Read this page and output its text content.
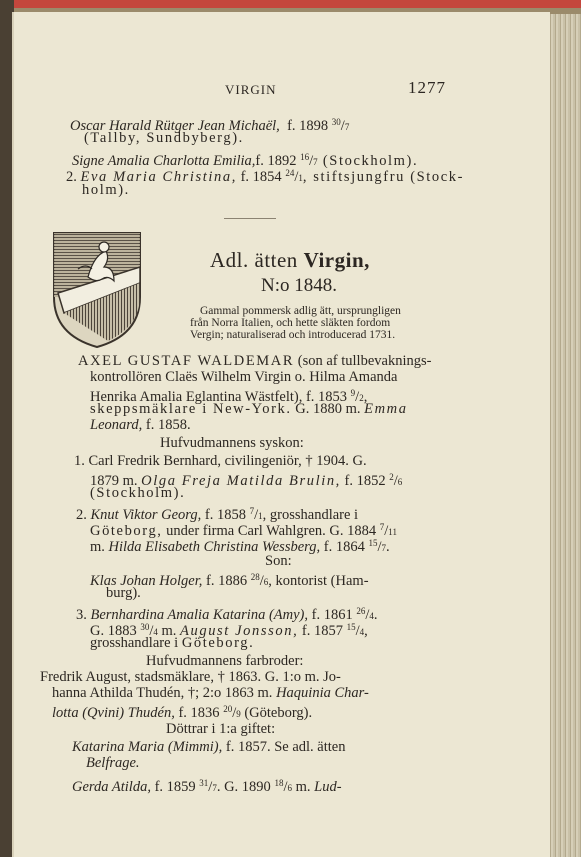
VIRGIN	1277
Oscar Harald Rütger Jean Michaël, f. 1898 $^{30}$/7
(Tallby, Sundbyberg).
Signe Amalia Charlotta Emilia,f. 1892 $^{16}$/7 (Stockholm).
2. Eva Maria Christina, f. 1854 $^{24}$/1, stiftsjungfru (Stock-
holm).
Adl. ätten Virgin,
N:o 1848.
Gammal pommersk adlig ätt, ursprungligen
från Norra Italien, och hette släkten fordom
Vergin; naturaliserad och introducerad 1731.
AXEL GUSTAF WALDEMAR (son af tullbevaknings-
kontrollören Claës Wilhelm Virgin o. Hilma Amanda
Henrika Amalia Eglantina Wästfelt), f. 1853 $^9$/2,
skeppsmäklare i New-York. G. 1880 m. Emma
Leonard, f. 1858.
Hufvudmannens syskon:
1. Carl Fredrik Bernhard, civilingeniör, † 1904. G.
1879 m. Olga Freja Matilda Brulin, f. 1852 $^2$/6
(Stockholm).
2. Knut Viktor Georg, f. 1858 $^7$/1, grosshandlare i
Göteborg, under firma Carl Wahlgren. G. 1884 $^7$/11
m. Hilda Elisabeth Christina Wessberg, f. 1864 $^{15}$/7.
Son:
Klas Johan Holger, f. 1886 $^{28}$/6, kontorist (Ham-
burg).
3. Bernhardina Amalia Katarina (Amy), f. 1861 $^{26}$/4.
G. 1883 $^{30}$/4 m. August Jonsson, f. 1857 $^{15}$/4,
grosshandlare i Göteborg.
Hufvudmannens farbroder:
Fredrik August, stadsmäklare, † 1863. G. 1:o m. Jo-
hanna Athilda Thudén, †; 2:o 1863 m. Haquinia Char-
lotta (Qvini) Thudén, f. 1836 $^{20}$/9 (Göteborg).
Döttrar i 1:a giftet:
Katarina Maria (Mimmi), f. 1857. Se adl. ätten
Belfrage.
Gerda Atilda, f. 1859 $^{31}$/7. G. 1890 $^{18}$/6 m. Lud-
